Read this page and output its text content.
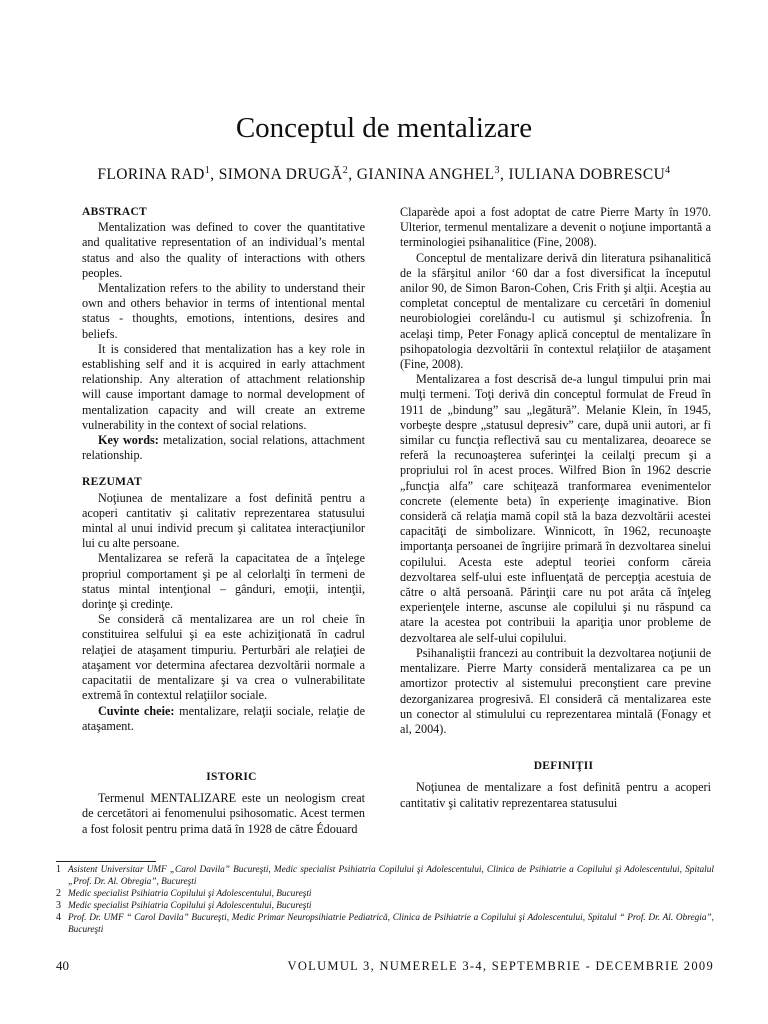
Conceptul de mentalizare
FLORINA RAD$^1$, SIMONA DRUGĂ$^2$, GIANINA ANGHEL$^3$, IULIANA DOBRESCU$^4$

ABSTRACT

Mentalization was defined to cover the quantitative and qualitative representation of an individual’s mental status and also the quality of interactions with others peoples.

Mentalization refers to the ability to understand their own and others behavior in terms of intentional mental status - thoughts, emotions, intentions, desires and beliefs.

It is considered that mentalization has a key role in establishing self and it is acquired in early attachment relationship. Any alteration of attachment relationship will cause important damage to normal development of mentalization capacity and will create an extreme vulnerability in the context of social relations.

Key words: metalization, social relations, attachment relationship.

REZUMAT

Noţiunea de mentalizare a fost definită pentru a acoperi cantitativ şi calitativ reprezentarea statusului mintal al unui individ precum şi calitatea interacţiunilor lui cu alte persoane.

Mentalizarea se referă la capacitatea de a înţelege propriul comportament şi pe al celorlalţi în termeni de status mintal intenţional – gânduri, emoţii, intenţii, dorinţe şi credinţe.

Se consideră că mentalizarea are un rol cheie în constituirea selfului şi ea este achiziţionată în cadrul relaţiei de ataşament timpuriu. Perturbări ale relaţiei de ataşament vor determina afectarea dezvoltării normale a capacitatii de mentalizare şi va crea o vulnerabilitate extremă în contextul relaţiilor sociale.

Cuvinte cheie: mentalizare, relaţii sociale, relaţie de ataşament.

ISTORIC

Termenul MENTALIZARE este un neologism creat de cercetători ai fenomenului psihosomatic. Acest termen a fost folosit pentru prima dată în 1928 de către Édouard

Claparède apoi a fost adoptat de catre Pierre Marty în 1970. Ulterior, termenul mentalizare a devenit o noţiune importantă a terminologiei psihanalitice (Fine, 2008).

Conceptul de mentalizare derivă din literatura psihanalitică de la sfârşitul anilor ‘60 dar a fost diversificat la începutul anilor 90, de Simon Baron-Cohen, Cris Frith şi alţii. Aceştia au completat conceptul de mentalizare cu cercetări în domeniul neurobiologiei corelându-l cu autismul şi schizofrenia. În acelaşi timp, Peter Fonagy aplică conceptul de mentalizare în psihopatologia dezvoltării în contextul relaţiilor de ataşament (Fine, 2008).

Mentalizarea a fost descrisă de-a lungul timpului prin mai mulţi termeni. Toţi derivă din conceptul formulat de Freud în 1911 de „bindung” sau „legătură”. Melanie Klein, în 1945, vorbeşte despre „statusul depresiv” care, după unii autori, ar fi similar cu funcţia reflectivă sau cu mentalizarea, deoarece se referă la recunoaşterea suferinţei la ceilalţi precum şi a propriului rol în acest proces. Wilfred Bion în 1962 descrie „funcţia alfa” care schiţează tranformarea evenimentelor concrete (elemente beta) în experienţe imaginative. Bion consideră că relaţia mamă copil stă la baza dezvoltării acestei capacităţi de simbolizare. Winnicott, în 1962, recunoaşte importanţa persoanei de îngrijire primară în dezvoltarea sinelui copilului. Acesta este adeptul teoriei conform căreia dezvoltarea self-ului este influenţată de percepţia acestuia de către o altă persoană. Părinţii care nu pot arăta că înţeleg experienţele interne, ascunse ale copilului şi nu răspund ca atare la acestea pot contribuii la apariţia unor probleme de dezvoltarea ale self-ului copilului.

Psihanaliştii francezi au contribuit la dezvoltarea noţiunii de mentalizare. Pierre Marty consideră mentalizarea ca pe un amortizor protectiv al sistemului preconştient care previne dezorganizarea progresivă. El consideră că mentalizarea este un conector al stimulului cu reprezentarea mintală (Fonagy et al, 2004).

DEFINIŢII

Noţiunea de mentalizare a fost definită pentru a acoperi cantitativ şi calitativ reprezentarea statusului

1 Asistent Universitar UMF „Carol Davila” Bucureşti, Medic specialist Psihiatria Copilului şi Adolescentului, Clinica de Psihiatrie a Copilului şi Adolescentului, Spitalul „Prof. Dr. Al. Obregia”, Bucureşti
2 Medic specialist Psihiatria Copilului şi Adolescentului, Bucureşti
3 Medic specialist Psihiatria Copilului şi Adolescentului, Bucureşti
4 Prof. Dr. UMF “ Carol Davila” Bucureşti, Medic Primar Neuropsihiatrie Pediatrică, Clinica de Psihiatrie a Copilului şi Adolescentului, Spitalul “ Prof. Dr. Al. Obregia”, Bucureşti
40	VOLUMUL 3, NUMERELE 3-4, SEPTEMBRIE - DECEMBRIE 2009
